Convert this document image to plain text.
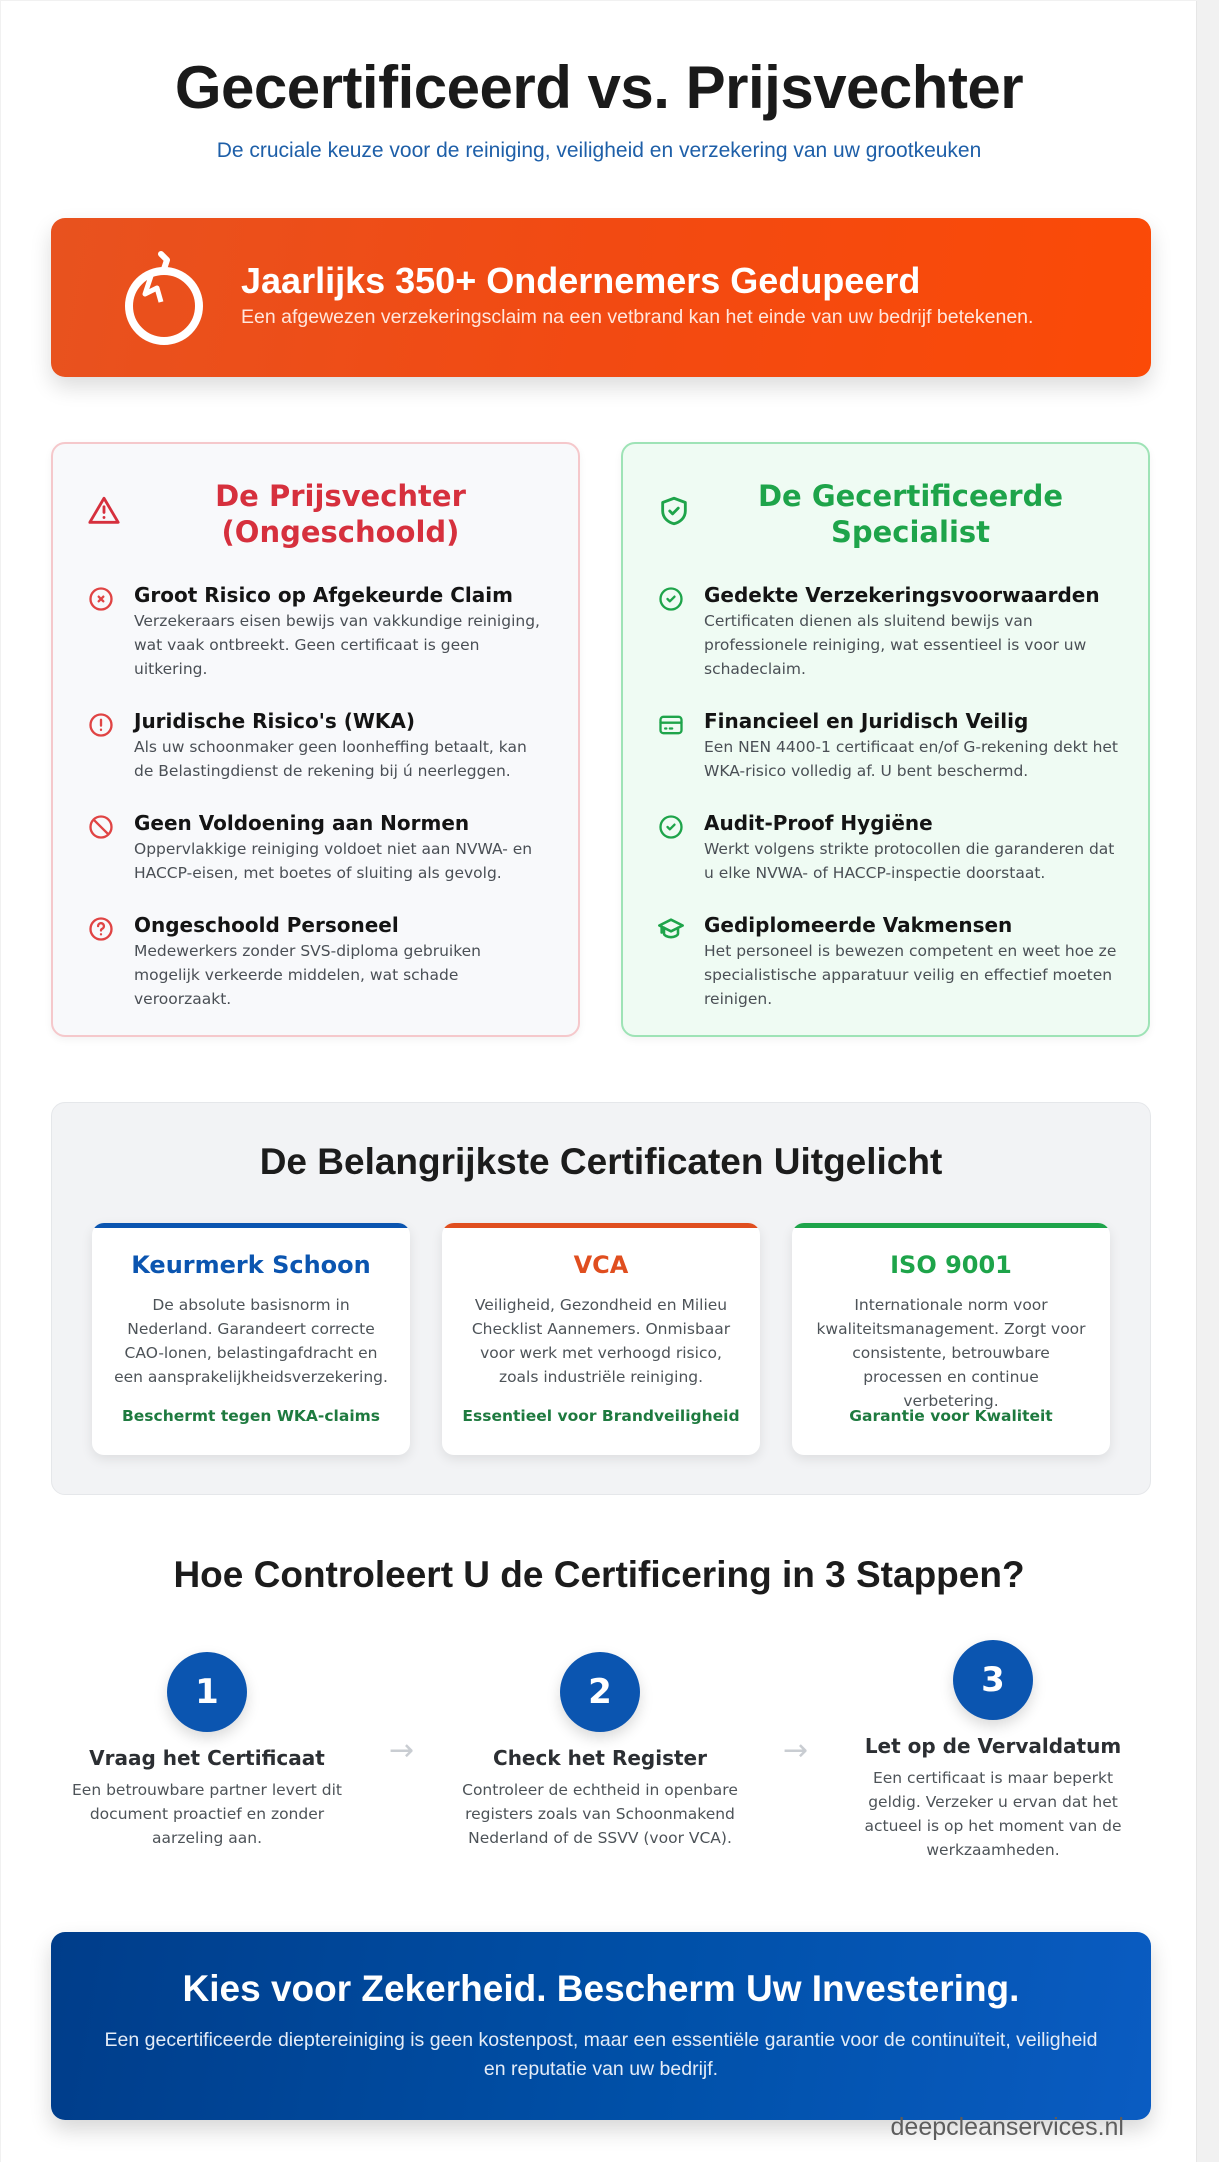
Gecertificeerd vs. Prijsvechter

De cruciale keuze voor de reiniging, veiligheid en verzekering van uw grootkeuken

Jaarlijks 350+ Ondernemers Gedupeerd
Een afgewezen verzekeringsclaim na een vetbrand kan het einde van uw bedrijf betekenen.
De Prijsvechter
(Ongeschoold)
Groot Risico op Afgekeurde Claim
Verzekeraars eisen bewijs van vakkundige reiniging, wat vaak ontbreekt. Geen certificaat is geen uitkering.
Juridische Risico's (WKA)
Als uw schoonmaker geen loonheffing betaalt, kan de Belastingdienst de rekening bij ú neerleggen.
Geen Voldoening aan Normen
Oppervlakkige reiniging voldoet niet aan NVWA- en HACCP-eisen, met boetes of sluiting als gevolg.
Ongeschoold Personeel
Medewerkers zonder SVS-diploma gebruiken mogelijk verkeerde middelen, wat schade veroorzaakt.
De Gecertificeerde
Specialist
Gedekte Verzekeringsvoorwaarden
Certificaten dienen als sluitend bewijs van professionele reiniging, wat essentieel is voor uw schadeclaim.
Financieel en Juridisch Veilig
Een NEN 4400-1 certificaat en/of G-rekening dekt het WKA-risico volledig af. U bent beschermd.
Audit-Proof Hygiëne
Werkt volgens strikte protocollen die garanderen dat u elke NVWA- of HACCP-inspectie doorstaat.
Gediplomeerde Vakmensen
Het personeel is bewezen competent en weet hoe ze specialistische apparatuur veilig en effectief moeten reinigen.
De Belangrijkste Certificaten Uitgelicht
Keurmerk Schoon
De absolute basisnorm in Nederland. Garandeert correcte CAO-lonen, belastingafdracht en een aansprakelijkheidsverzekering.
Beschermt tegen WKA-claims
VCA
Veiligheid, Gezondheid en Milieu Checklist Aannemers. Onmisbaar voor werk met verhoogd risico, zoals industriële reiniging.
Essentieel voor Brandveiligheid
ISO 9001
Internationale norm voor kwaliteitsmanagement. Zorgt voor consistente, betrouwbare processen en continue verbetering.
Garantie voor Kwaliteit
Hoe Controleert U de Certificering in 3 Stappen?
1
Vraag het Certificaat
Een betrouwbare partner levert dit document proactief en zonder aarzeling aan.
→
2
Check het Register
Controleer de echtheid in openbare registers zoals van Schoonmakend Nederland of de SSVV (voor VCA).
→
3
Let op de Vervaldatum
Een certificaat is maar beperkt geldig. Verzeker u ervan dat het actueel is op het moment van de werkzaamheden.
Kies voor Zekerheid. Bescherm Uw Investering.
Een gecertificeerde dieptereiniging is geen kostenpost, maar een essentiële garantie voor de continuïteit, veiligheid en reputatie van uw bedrijf.
deepcleanservices.nl
